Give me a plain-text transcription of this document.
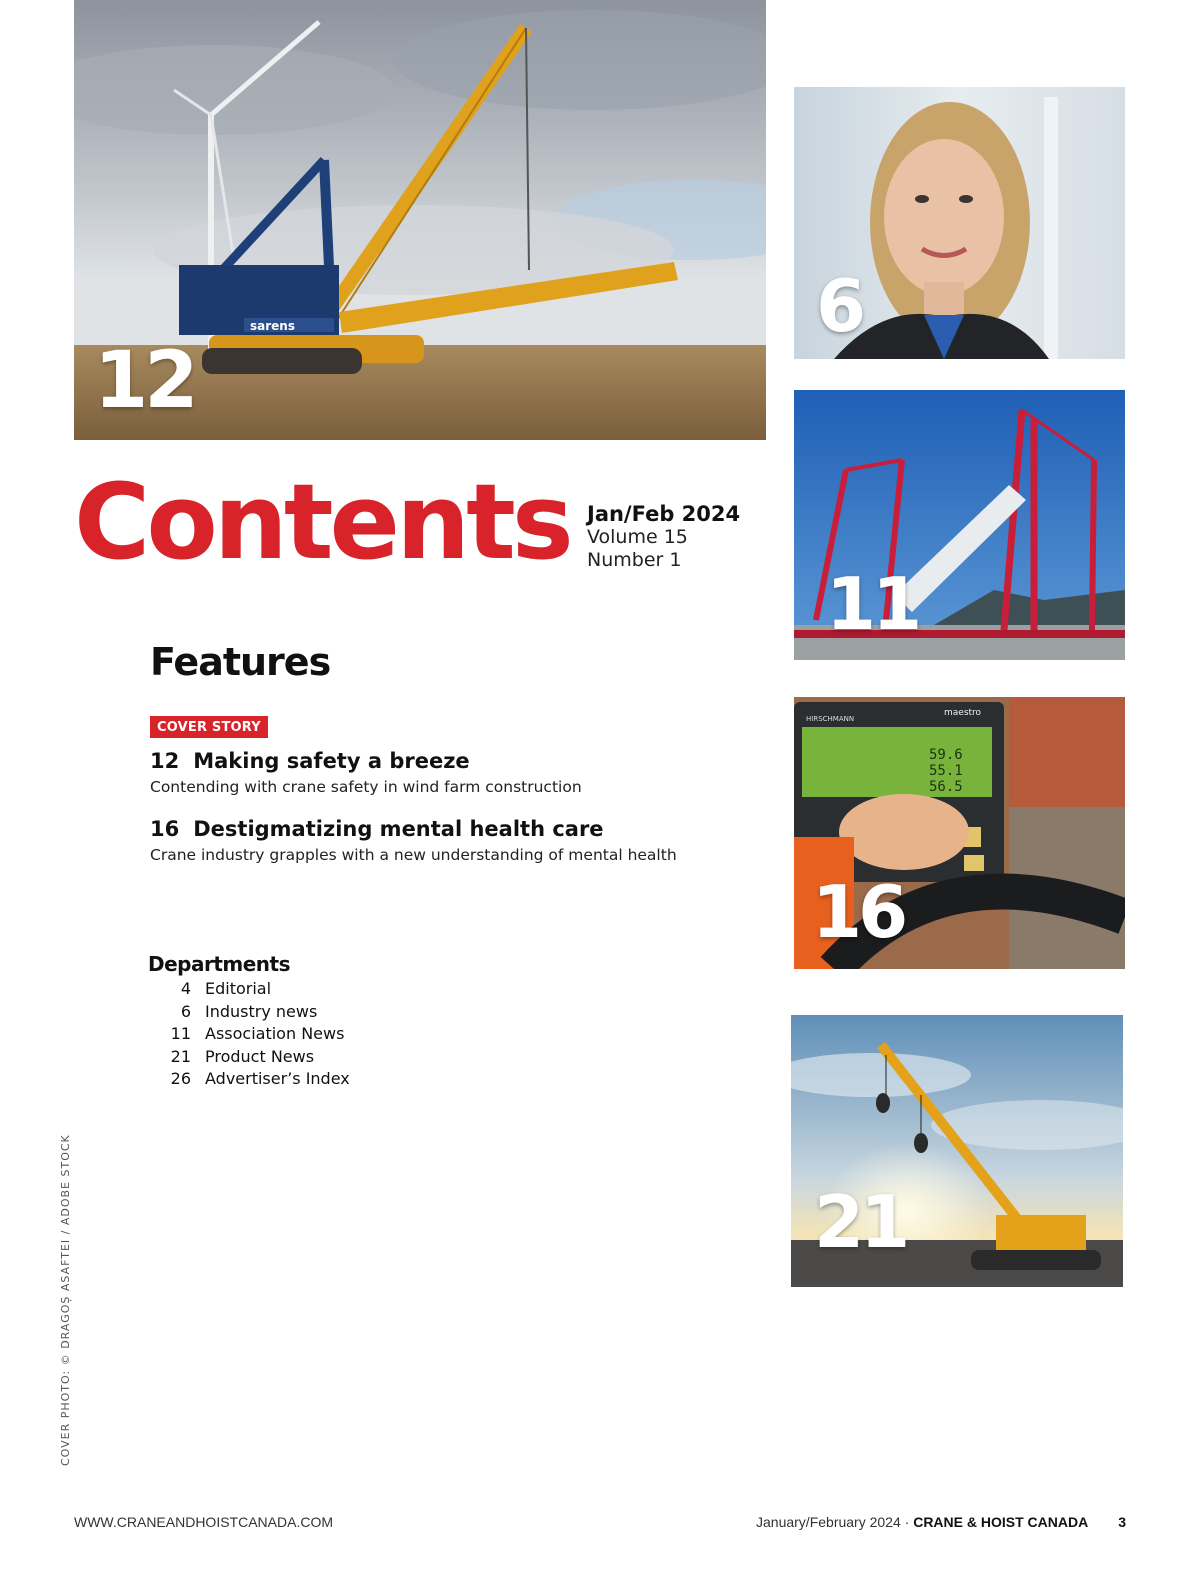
sarens
12
6
11
HIRSCHMANN
maestro
59.6
55.1
56.5
16
21
Contents Jan/Feb 2024
Volume 15
Number 1
Features
COVER STORY
12 Making safety a breeze
Contending with crane safety in wind farm construction
16 Destigmatizing mental health care
Crane industry grapples with a new understanding of mental health
Departments
4 Editorial
6 Industry news
11 Association News
21 Product News
26 Advertiser’s Index
COVER PHOTO: © DRAGOȘ ASAFTEI / ADOBE STOCK
WWW.CRANEANDHOISTCANADA.COM	January/February 2024 · CRANE & HOIST CANADA 3
